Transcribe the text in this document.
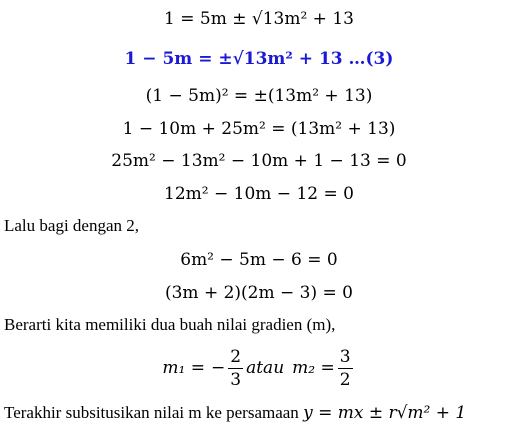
1 = 5m ± √13m² + 13
1 − 5m = ±√13m² + 13 …(3)
(1 − 5m)² = ±(13m² + 13)
1 − 10m + 25m² = (13m² + 13)
25m² − 13m² − 10m + 1 − 13 = 0
12m² − 10m − 12 = 0
Lalu bagi dengan 2,
6m² − 5m − 6 = 0
(3m + 2)(2m − 3) = 0
Berarti kita memiliki dua buah nilai gradien (m),
m₁ = − $\frac{2}{3}$ atau $m_2 = \frac{3}{2}$
Terakhir subsitusikan nilai m ke persamaan y = mx ± r√m² + 1
